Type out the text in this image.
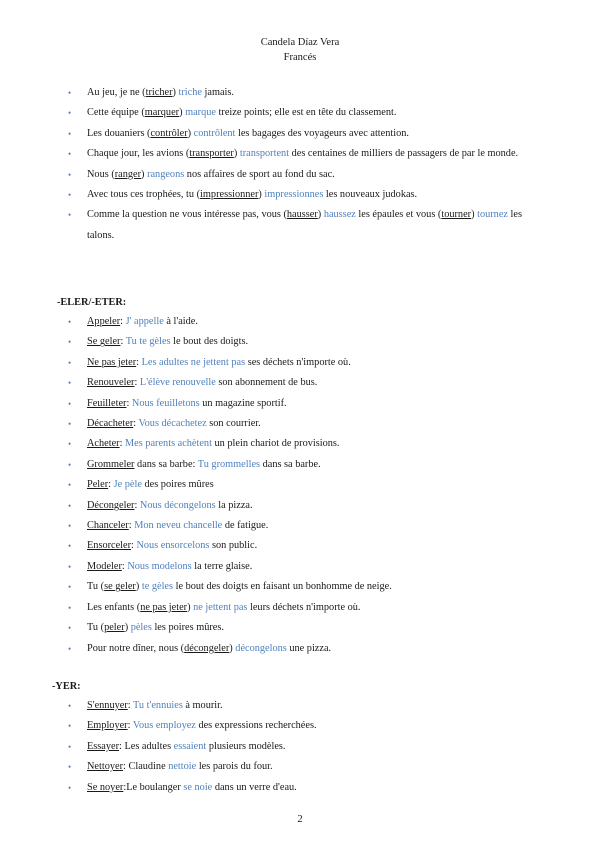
Candela Díaz Vera
Francés
• Au jeu, je ne (tricher) triche jamais.
• Cette équipe (marquer) marque treize points; elle est en tête du classement.
• Les douaniers (contrôler) contrôlent les bagages des voyageurs avec attention.
• Chaque jour, les avions (transporter) transportent des centaines de milliers de passagers de par le monde.
• Nous (ranger) rangeons nos affaires de sport au fond du sac.
• Avec tous ces trophées, tu (impressionner) impressionnes les nouveaux judokas.
• Comme la question ne vous intéresse pas, vous (hausser) haussez les épaules et vous (tourner) tournez les talons.
-ELER/-ETER:
• Appeler: J' appelle à l'aide.
• Se geler: Tu te gèles le bout des doigts.
• Ne pas jeter: Les adultes ne jettent pas ses déchets n'importe où.
• Renouveler: L'élève renouvelle son abonnement de bus.
• Feuilleter: Nous feuilletons un magazine sportif.
• Décacheter: Vous décachetez son courrier.
• Acheter: Mes parents achètent un plein chariot de provisions.
• Grommeler dans sa barbe: Tu grommelles dans sa barbe.
• Peler: Je pèle des poires mûres
• Décongeler: Nous décongelons la pizza.
• Chanceler: Mon neveu chancelle de fatigue.
• Ensorceler: Nous ensorcelons son public.
• Modeler: Nous modelons la terre glaise.
• Tu (se geler) te gèles le bout des doigts en faisant un bonhomme de neige.
• Les enfants (ne pas jeter) ne jettent pas leurs déchets n'importe où.
• Tu (peler) pèles les poires mûres.
• Pour notre dîner, nous (décongeler) décongelons une pizza.
-YER:
• S'ennuyer: Tu t'ennuies à mourir.
• Employer: Vous employez des expressions recherchées.
• Essayer: Les adultes essaient plusieurs modèles.
• Nettoyer: Claudine nettoie les parois du four.
• Se noyer:Le boulanger se noie dans un verre d'eau.
2
